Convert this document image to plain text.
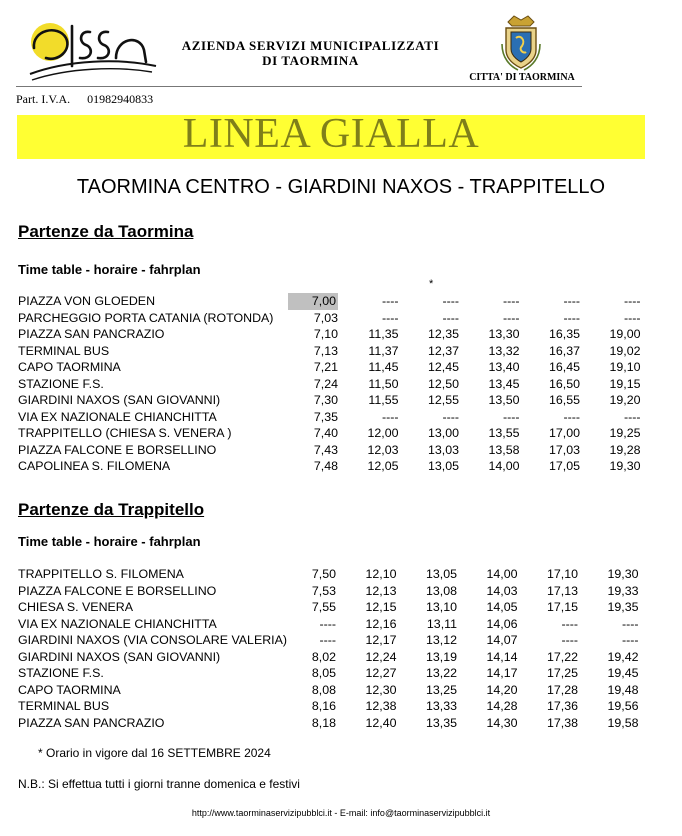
AZIENDA SERVIZI MUNICIPALIZZATI
DI TAORMINA
CITTA' DI TAORMINA
Part. I.V.A. 01982940833
LINEA GIALLA
TAORMINA CENTRO - GIARDINI NAXOS - TRAPPITELLO
Partenze da Taormina
Time table - horaire - fahrplan
*
PIAZZA VON GLOEDEN	7,00	----	----	----	----	----
PARCHEGGIO PORTA CATANIA (ROTONDA)	7,03	----	----	----	----	----
PIAZZA SAN PANCRAZIO	7,10	11,35	12,35	13,30	16,35	19,00
TERMINAL BUS	7,13	11,37	12,37	13,32	16,37	19,02
CAPO TAORMINA	7,21	11,45	12,45	13,40	16,45	19,10
STAZIONE F.S.	7,24	11,50	12,50	13,45	16,50	19,15
GIARDINI NAXOS (SAN GIOVANNI)	7,30	11,55	12,55	13,50	16,55	19,20
VIA EX NAZIONALE CHIANCHITTA	7,35	----	----	----	----	----
TRAPPITELLO (CHIESA S. VENERA )	7,40	12,00	13,00	13,55	17,00	19,25
PIAZZA FALCONE E BORSELLINO	7,43	12,03	13,03	13,58	17,03	19,28
CAPOLINEA S. FILOMENA	7,48	12,05	13,05	14,00	17,05	19,30
Partenze da Trappitello
Time table - horaire - fahrplan
TRAPPITELLO S. FILOMENA	7,50	12,10	13,05	14,00	17,10	19,30
PIAZZA FALCONE E BORSELLINO	7,53	12,13	13,08	14,03	17,13	19,33
CHIESA S. VENERA	7,55	12,15	13,10	14,05	17,15	19,35
VIA EX NAZIONALE CHIANCHITTA	----	12,16	13,11	14,06	----	----
GIARDINI NAXOS (VIA CONSOLARE VALERIA)	----	12,17	13,12	14,07	----	----
GIARDINI NAXOS (SAN GIOVANNI)	8,02	12,24	13,19	14,14	17,22	19,42
STAZIONE F.S.	8,05	12,27	13,22	14,17	17,25	19,45
CAPO TAORMINA	8,08	12,30	13,25	14,20	17,28	19,48
TERMINAL BUS	8,16	12,38	13,33	14,28	17,36	19,56
PIAZZA SAN PANCRAZIO	8,18	12,40	13,35	14,30	17,38	19,58
* Orario in vigore dal 16 SETTEMBRE 2024
N.B.: Si effettua tutti i giorni tranne domenica e festivi
http://www.taorminaservizipubblci.it - E-mail: info@taorminaservizipubblci.it
